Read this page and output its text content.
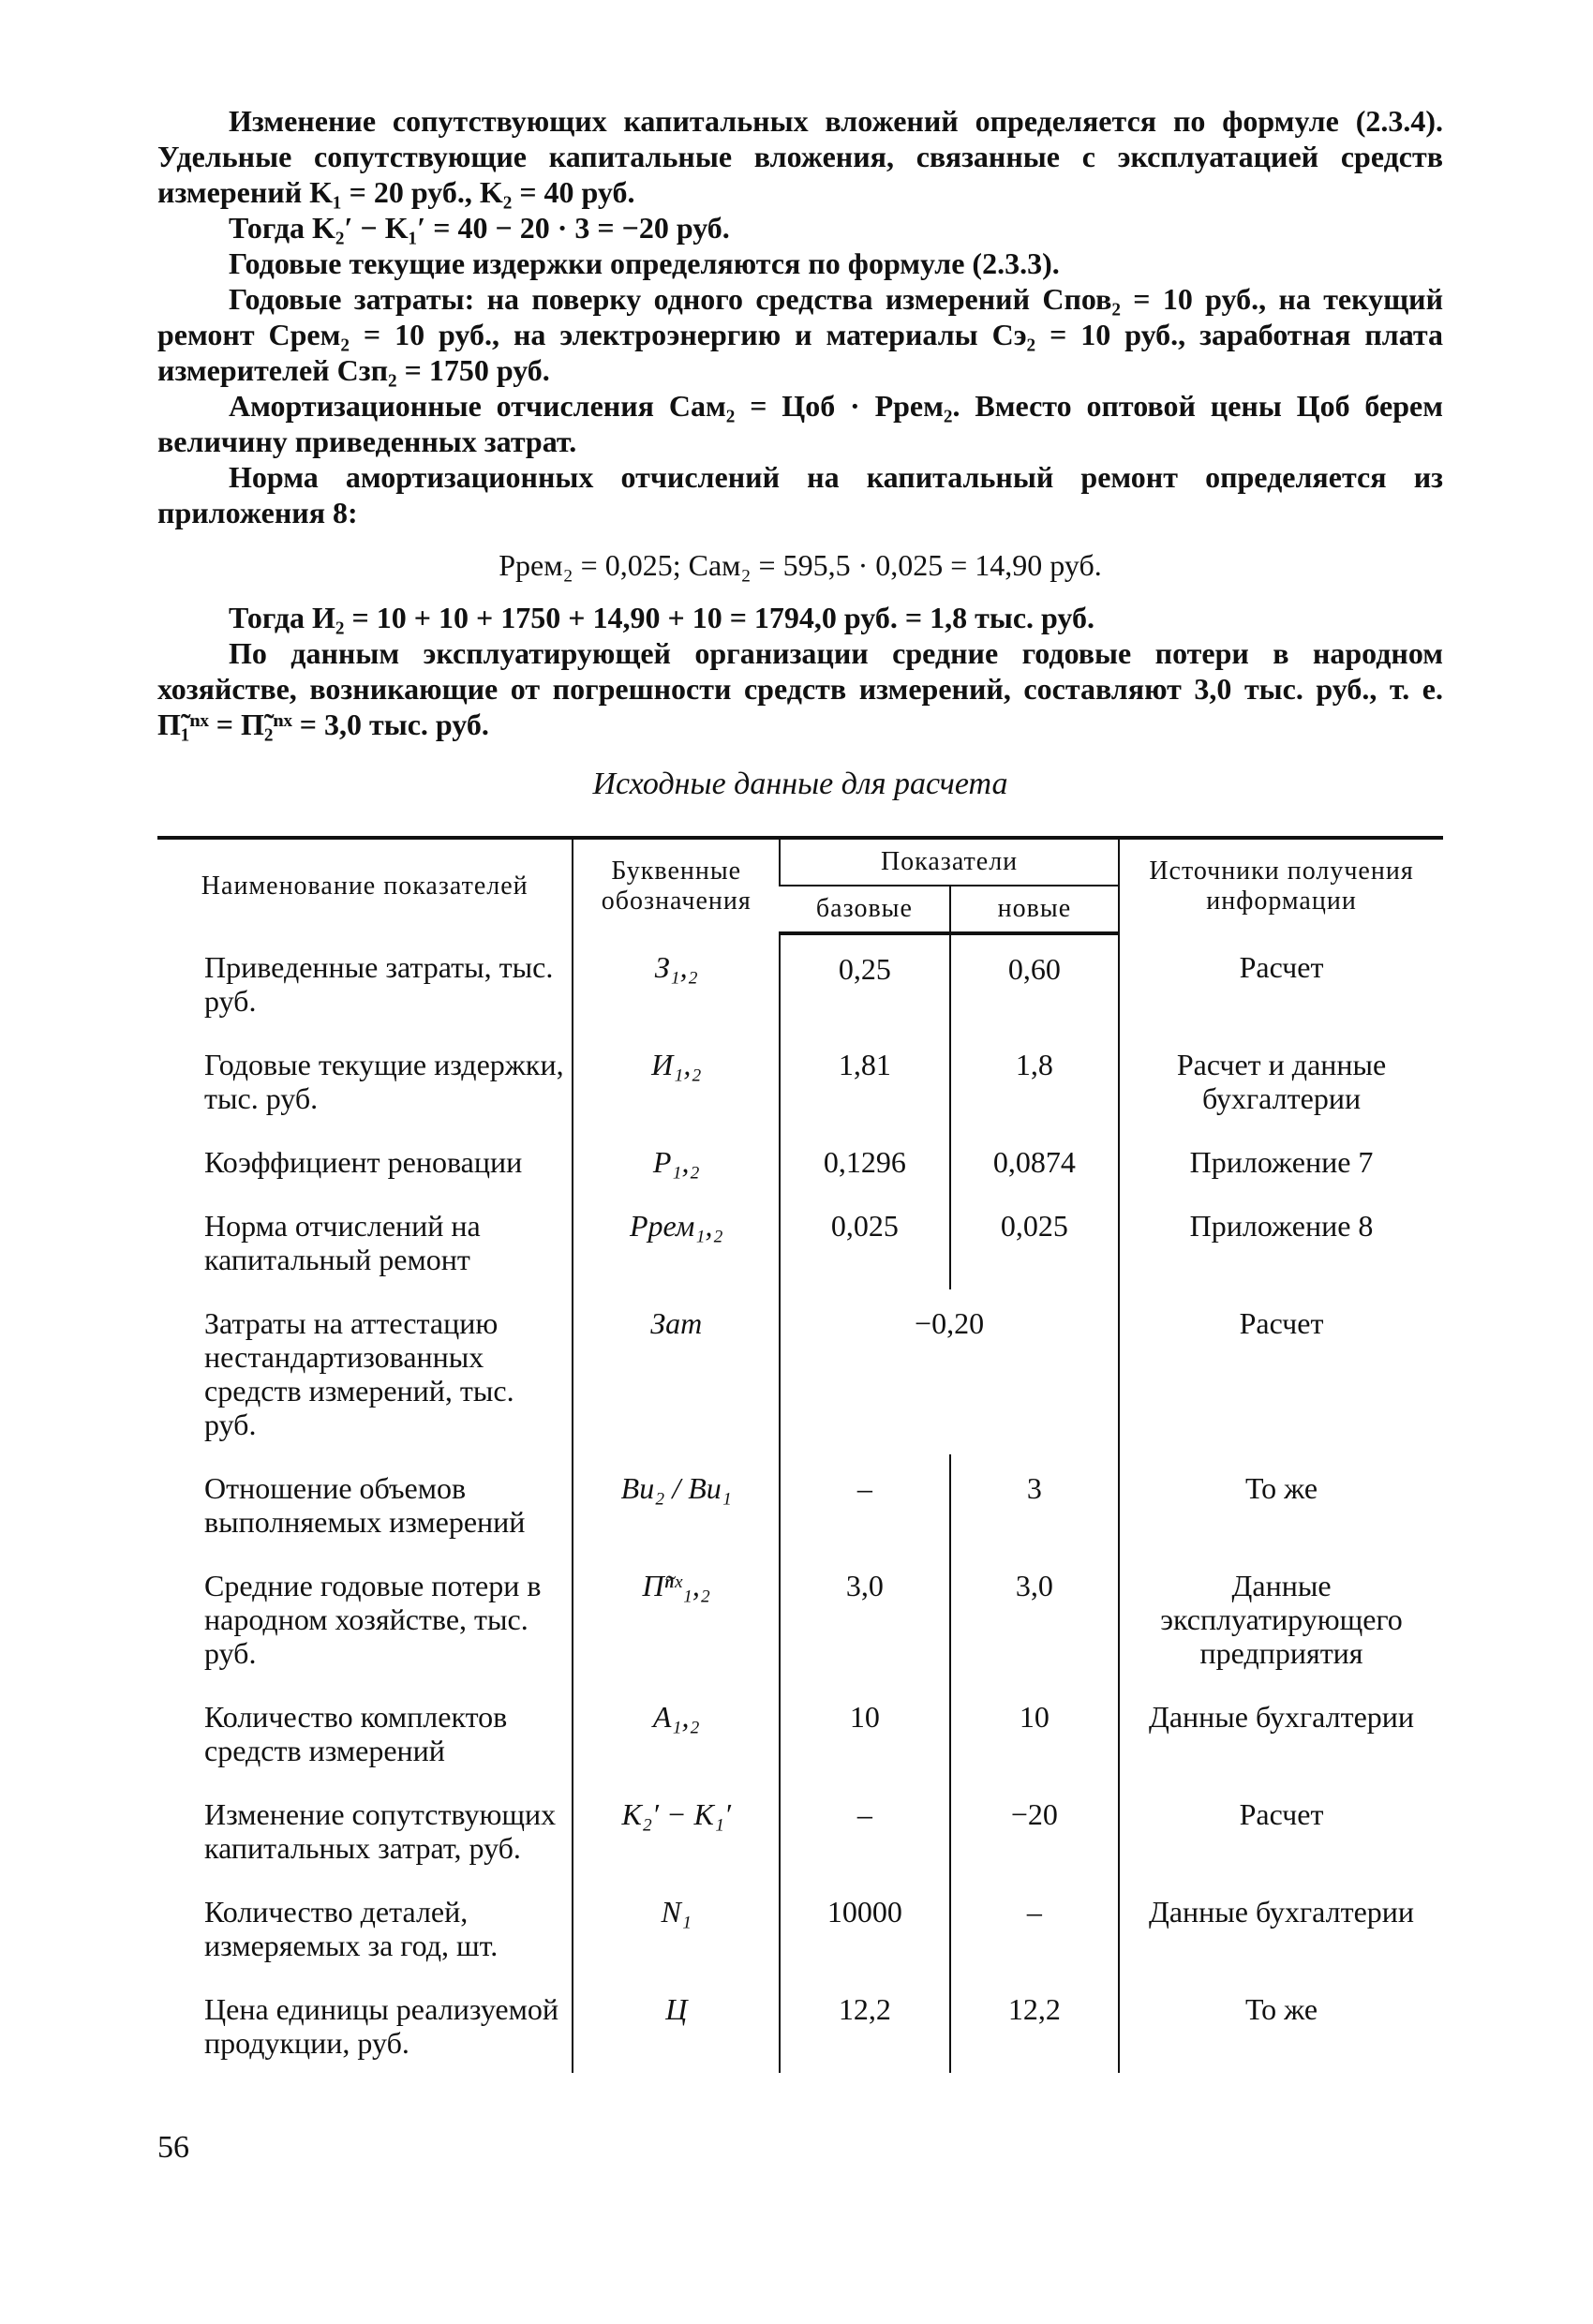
Изменение сопутствующих капитальных вложений определяется по формуле (2.3.4). Удельные сопутствующие капитальные вложения, связанные с эксплуатацией средств измерений K₁ = 20 руб., K₂ = 40 руб.

Тогда K₂′ − K₁′ = 40 − 20 · 3 = −20 руб.

Годовые текущие издержки определяются по формуле (2.3.3).

Годовые затраты: на поверку одного средства измерений Cпов₂ = 10 руб., на текущий ремонт Cрем₂ = 10 руб., на электроэнергию и материалы Cэ₂ = 10 руб., заработная плата измерителей Cзп₂ = 1750 руб.

Амортизационные отчисления Cам₂ = Цоб · Pрем₂. Вместо оптовой цены Цоб берем величину приведенных затрат.

Норма амортизационных отчислений на капитальный ремонт определяется из приложения 8:

Pрем₂ = 0,025; Cам₂ = 595,5 · 0,025 = 14,90 руб.

Тогда И₂ = 10 + 10 + 1750 + 14,90 + 10 = 1794,0 руб. = 1,8 тыс. руб.

По данным эксплуатирующей организации средние годовые потери в народном хозяйстве, возникающие от погрешности средств измерений, составляют 3,0 тыс. руб., т. е. П̃₁ⁿˣ = П̃₂ⁿˣ = 3,0 тыс. руб.

Исходные данные для расчета
Наименование показателей	Буквенные обозначения	Показатели		Источники получения информации
		базовые	новые	

Приведенные затраты, тыс. руб.	З₁,₂	0,25	0,60	Расчет

Годовые текущие издержки, тыс. руб.	И₁,₂	1,81	1,8	Расчет и данные бухгалтерии

Коэффициент реновации	P₁,₂	0,1296	0,0874	Приложение 7

Норма отчислений на капитальный ремонт	Pрем₁,₂	0,025	0,025	Приложение 8

Затраты на аттестацию нестандартизованных средств измерений, тыс. руб.	Зат	−0,20		Расчет

Отношение объемов выполняемых измерений	Bи₂ / Bи₁	–	3	То же

Средние годовые потери в народном хозяйстве, тыс. руб.	П̃ⁿˣ₁,₂	3,0	3,0	Данные эксплуатирующего предприятия

Количество комплектов средств измерений	A₁,₂	10	10	Данные бухгалтерии

Изменение сопутствующих капитальных затрат, руб.	K₂′ − K₁′	–	−20	Расчет

Количество деталей, измеряемых за год, шт.	N₁	10000	–	Данные бухгалтерии

Цена единицы реализуемой продукции, руб.	Ц	12,2	12,2	То же
56
